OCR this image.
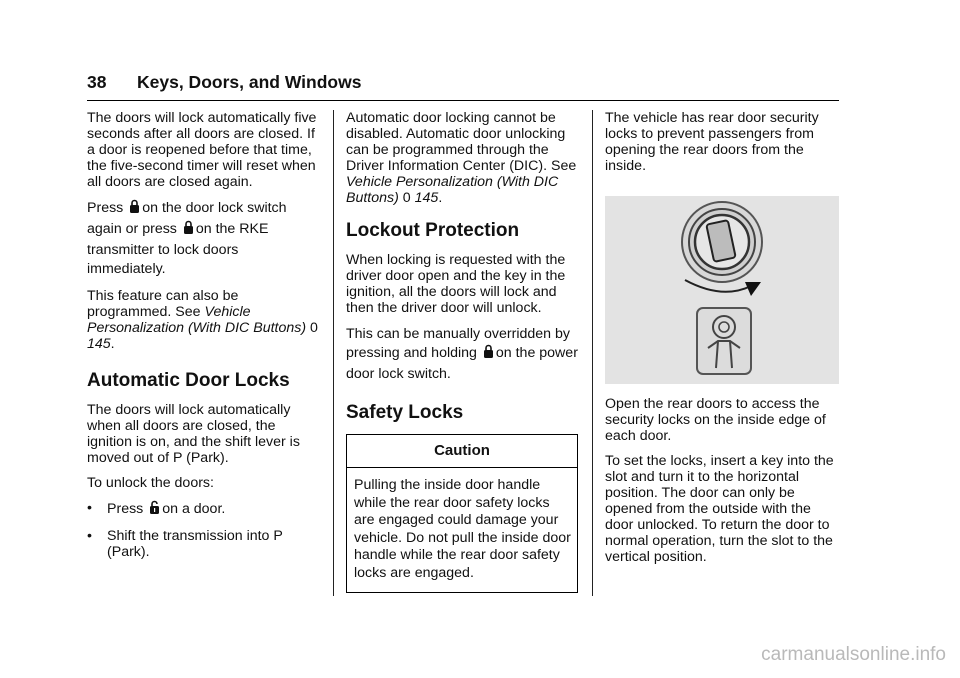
38 Keys, Doors, and Windows

The doors will lock automatically five seconds after all doors are closed. If a door is reopened before that time, the five-second timer will reset when all doors are closed again.

Press on the door lock switch
again or press on the RKE
transmitter to lock doors immediately.

This feature can also be programmed. See Vehicle Personalization (With DIC Buttons) 0 145.

Automatic Door Locks

The doors will lock automatically when all doors are closed, the ignition is on, and the shift lever is moved out of P (Park).

To unlock the doors:

•	Press on a door.
•	Shift the transmission into P (Park).

Automatic door locking cannot be disabled. Automatic door unlocking can be programmed through the Driver Information Center (DIC). See Vehicle Personalization (With DIC Buttons) 0 145.

Lockout Protection

When locking is requested with the driver door open and the key in the ignition, all the doors will lock and then the driver door will unlock.

This can be manually overridden by pressing and holding on the power door lock switch.

Safety Locks
Caution
Pulling the inside door handle while the rear door safety locks are engaged could damage your vehicle. Do not pull the inside door handle while the rear door safety locks are engaged.

The vehicle has rear door security locks to prevent passengers from opening the rear doors from the inside.

Open the rear doors to access the security locks on the inside edge of each door.

To set the locks, insert a key into the slot and turn it to the horizontal position. The door can only be opened from the outside with the door unlocked. To return the door to normal operation, turn the slot to the vertical position.

carmanualsonline.info
